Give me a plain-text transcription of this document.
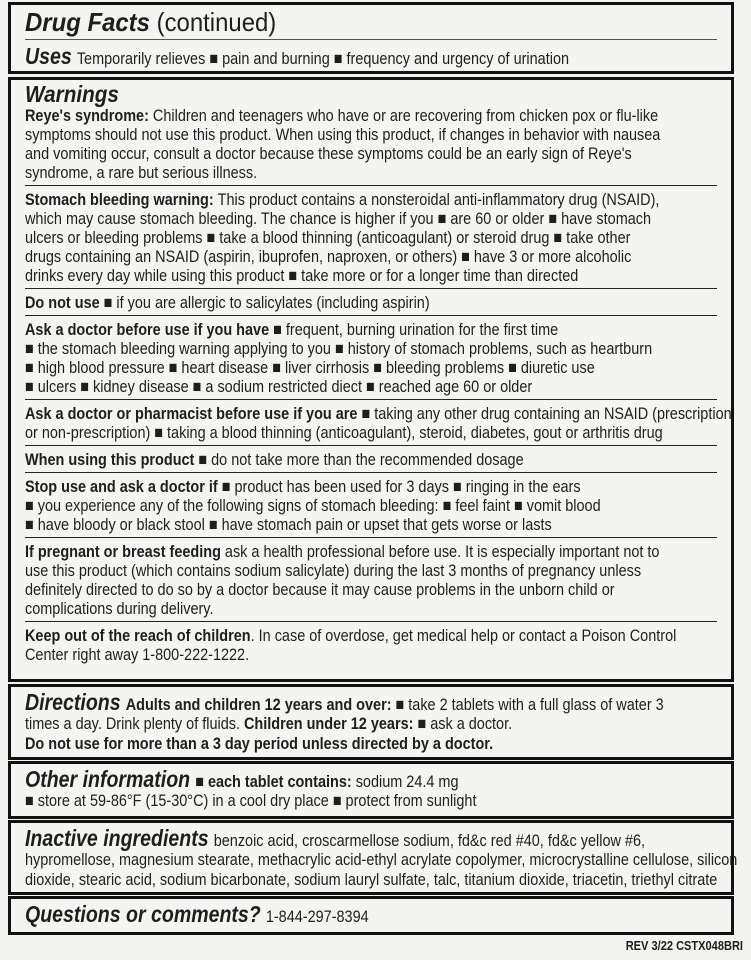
Drug Facts (continued)
Uses Temporarily relieves ■ pain and burning ■ frequency and urgency of urination
Warnings
Reye's syndrome: Children and teenagers who have or are recovering from chicken pox or flu-like
symptoms should not use this product. When using this product, if changes in behavior with nausea
and vomiting occur, consult a doctor because these symptoms could be an early sign of Reye's
syndrome, a rare but serious illness.
Stomach bleeding warning: This product contains a nonsteroidal anti-inflammatory drug (NSAID),
which may cause stomach bleeding. The chance is higher if you ■ are 60 or older ■ have stomach
ulcers or bleeding problems ■ take a blood thinning (anticoagulant) or steroid drug ■ take other
drugs containing an NSAID (aspirin, ibuprofen, naproxen, or others) ■ have 3 or more alcoholic
drinks every day while using this product ■ take more or for a longer time than directed
Do not use ■ if you are allergic to salicylates (including aspirin)
Ask a doctor before use if you have ■ frequent, burning urination for the first time
■ the stomach bleeding warning applying to you ■ history of stomach problems, such as heartburn
■ high blood pressure ■ heart disease ■ liver cirrhosis ■ bleeding problems ■ diuretic use
■ ulcers ■ kidney disease ■ a sodium restricted diect ■ reached age 60 or older
Ask a doctor or pharmacist before use if you are ■ taking any other drug containing an NSAID (prescription
or non-prescription) ■ taking a blood thinning (anticoagulant), steroid, diabetes, gout or arthritis drug
When using this product ■ do not take more than the recommended dosage
Stop use and ask a doctor if ■ product has been used for 3 days ■ ringing in the ears
■ you experience any of the following signs of stomach bleeding: ■ feel faint ■ vomit blood
■ have bloody or black stool ■ have stomach pain or upset that gets worse or lasts
If pregnant or breast feeding ask a health professional before use. It is especially important not to
use this product (which contains sodium salicylate) during the last 3 months of pregnancy unless
definitely directed to do so by a doctor because it may cause problems in the unborn child or
complications during delivery.
Keep out of the reach of children. In case of overdose, get medical help or contact a Poison Control
Center right away 1-800-222-1222.
Directions Adults and children 12 years and over: ■ take 2 tablets with a full glass of water 3
times a day. Drink plenty of fluids. Children under 12 years: ■ ask a doctor.
Do not use for more than a 3 day period unless directed by a doctor.
Other information ■ each tablet contains: sodium 24.4 mg
■ store at 59-86°F (15-30°C) in a cool dry place ■ protect from sunlight
Inactive ingredients benzoic acid, croscarmellose sodium, fd&c red #40, fd&c yellow #6,
hypromellose, magnesium stearate, methacrylic acid-ethyl acrylate copolymer, microcrystalline cellulose, silicon
dioxide, stearic acid, sodium bicarbonate, sodium lauryl sulfate, talc, titanium dioxide, triacetin, triethyl citrate
Questions or comments? 1-844-297-8394
REV 3/22 CSTX048BRI
